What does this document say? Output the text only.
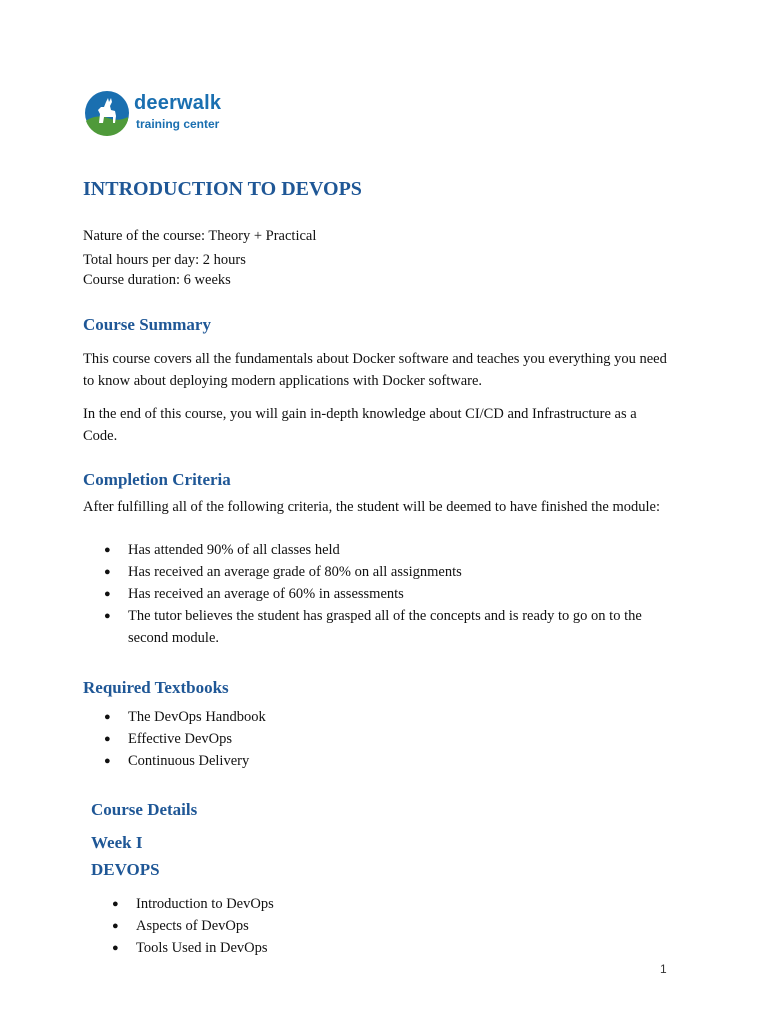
deerwalk
training center
INTRODUCTION TO DEVOPS
Nature of the course: Theory + Practical
Total hours per day: 2 hours
Course duration: 6 weeks
Course Summary
This course covers all the fundamentals about Docker software and teaches you everything you need to know about deploying modern applications with Docker software.
In the end of this course, you will gain in-depth knowledge about CI/CD and Infrastructure as a Code.
Completion Criteria
After fulfilling all of the following criteria, the student will be deemed to have finished the module:
● Has attended 90% of all classes held
● Has received an average grade of 80% on all assignments
● Has received an average of 60% in assessments
● The tutor believes the student has grasped all of the concepts and is ready to go on to the second module.
Required Textbooks
● The DevOps Handbook
● Effective DevOps
● Continuous Delivery
Course Details
Week I
DEVOPS
● Introduction to DevOps
● Aspects of DevOps
● Tools Used in DevOps
1
